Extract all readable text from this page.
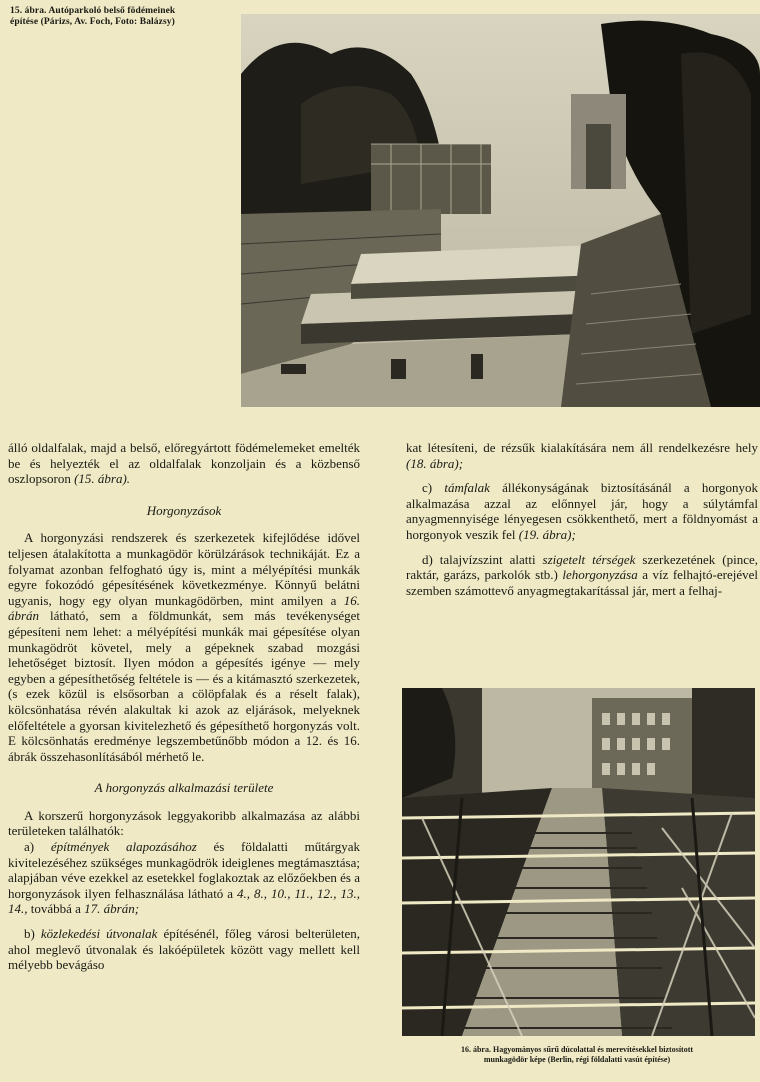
15. ábra. Autóparkoló belső födémeinek
építése (Párizs, Av. Foch, Foto: Balázsy)

álló oldalfalak, majd a belső, előregyártott födémelemeket emelték be és helyezték el az oldalfalak konzoljain és a közbenső oszlopsoron (15. ábra).

Horgonyzások

A horgonyzási rendszerek és szerkezetek kifejlődése idővel teljesen átalakította a munkagödör körülzárások technikáját. Ez a folyamat azonban felfogható úgy is, mint a mélyépítési munkák egyre fokozódó gépesítésének következménye. Könnyű belátni ugyanis, hogy egy olyan munkagödörben, mint amilyen a 16. ábrán látható, sem a földmunkát, sem más tevékenységet gépesíteni nem lehet: a mélyépítési munkák mai gépesítése olyan munkagödröt követel, mely a gépeknek szabad mozgási lehetőséget biztosít. Ilyen módon a gépesítés igénye — mely egyben a gépesíthetőség feltétele is — és a kitámasztó szerkezetek, (s ezek közül is elsősorban a cölöpfalak és a réselt falak), kölcsönhatása révén alakultak ki azok az eljárások, melyeknek előfeltétele a gyorsan kivitelezhető és gépesíthető horgonyzás volt. E kölcsönhatás eredménye legszembetűnőbb módon a 12. és 16. ábrák összehasonlításából mérhető le.

A horgonyzás alkalmazási területe

A korszerű horgonyzások leggyakoribb alkalmazása az alábbi területeken találhatók:

a) építmények alapozásához és földalatti műtárgyak kivitelezéséhez szükséges munkagödrök ideiglenes megtámasztása; alapjában véve ezekkel az esetekkel foglakoztak az előzőekben és a horgonyzások ilyen felhasználása látható a 4., 8., 10., 11., 12., 13., 14., továbbá a 17. ábrán;

b) közlekedési útvonalak építésénél, főleg városi belterületen, ahol meglevő útvonalak és lakóépületek között vagy mellett kell mélyebb bevágáso

kat létesíteni, de rézsűk kialakítására nem áll rendelkezésre hely (18. ábra);

c) támfalak állékonyságának biztosításánál a horgonyok alkalmazása azzal az előnnyel jár, hogy a súlytámfal anyagmennyisége lényegesen csökkenthető, mert a földnyomást a horgonyok veszik fel (19. ábra);

d) talajvízszint alatti szigetelt térségek szerkezetének (pince, raktár, garázs, parkolók stb.) lehorgonyzása a víz felhajtó-erejével szemben számottevő anyagmegtakarítással jár, mert a felhaj-

16. ábra. Hagyományos sűrű dúcolattal és merevítésekkel biztosított
munkagödör képe (Berlin, régi földalatti vasút építése)
